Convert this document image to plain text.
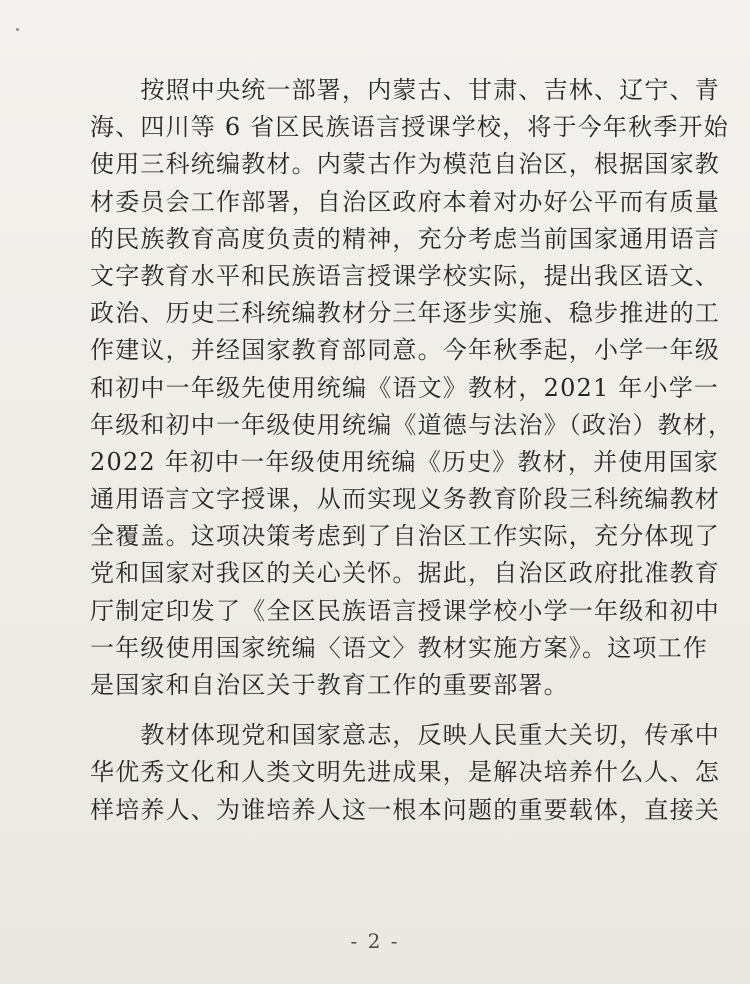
　　按照中央统一部署，内蒙古、甘肃、吉林、辽宁、青
海、四川等 6 省区民族语言授课学校，将于今年秋季开始
使用三科统编教材。内蒙古作为模范自治区，根据国家教
材委员会工作部署，自治区政府本着对办好公平而有质量
的民族教育高度负责的精神，充分考虑当前国家通用语言
文字教育水平和民族语言授课学校实际，提出我区语文、
政治、历史三科统编教材分三年逐步实施、稳步推进的工
作建议，并经国家教育部同意。今年秋季起，小学一年级
和初中一年级先使用统编《语文》教材，2021 年小学一
年级和初中一年级使用统编《道德与法治》（政治）教材，
2022 年初中一年级使用统编《历史》教材，并使用国家
通用语言文字授课，从而实现义务教育阶段三科统编教材
全覆盖。这项决策考虑到了自治区工作实际，充分体现了
党和国家对我区的关心关怀。据此，自治区政府批准教育
厅制定印发了《全区民族语言授课学校小学一年级和初中
一年级使用国家统编〈语文〉教材实施方案》。这项工作
是国家和自治区关于教育工作的重要部署。
　　教材体现党和国家意志，反映人民重大关切，传承中
华优秀文化和人类文明先进成果，是解决培养什么人、怎
样培养人、为谁培养人这一根本问题的重要载体，直接关
- 2 -
